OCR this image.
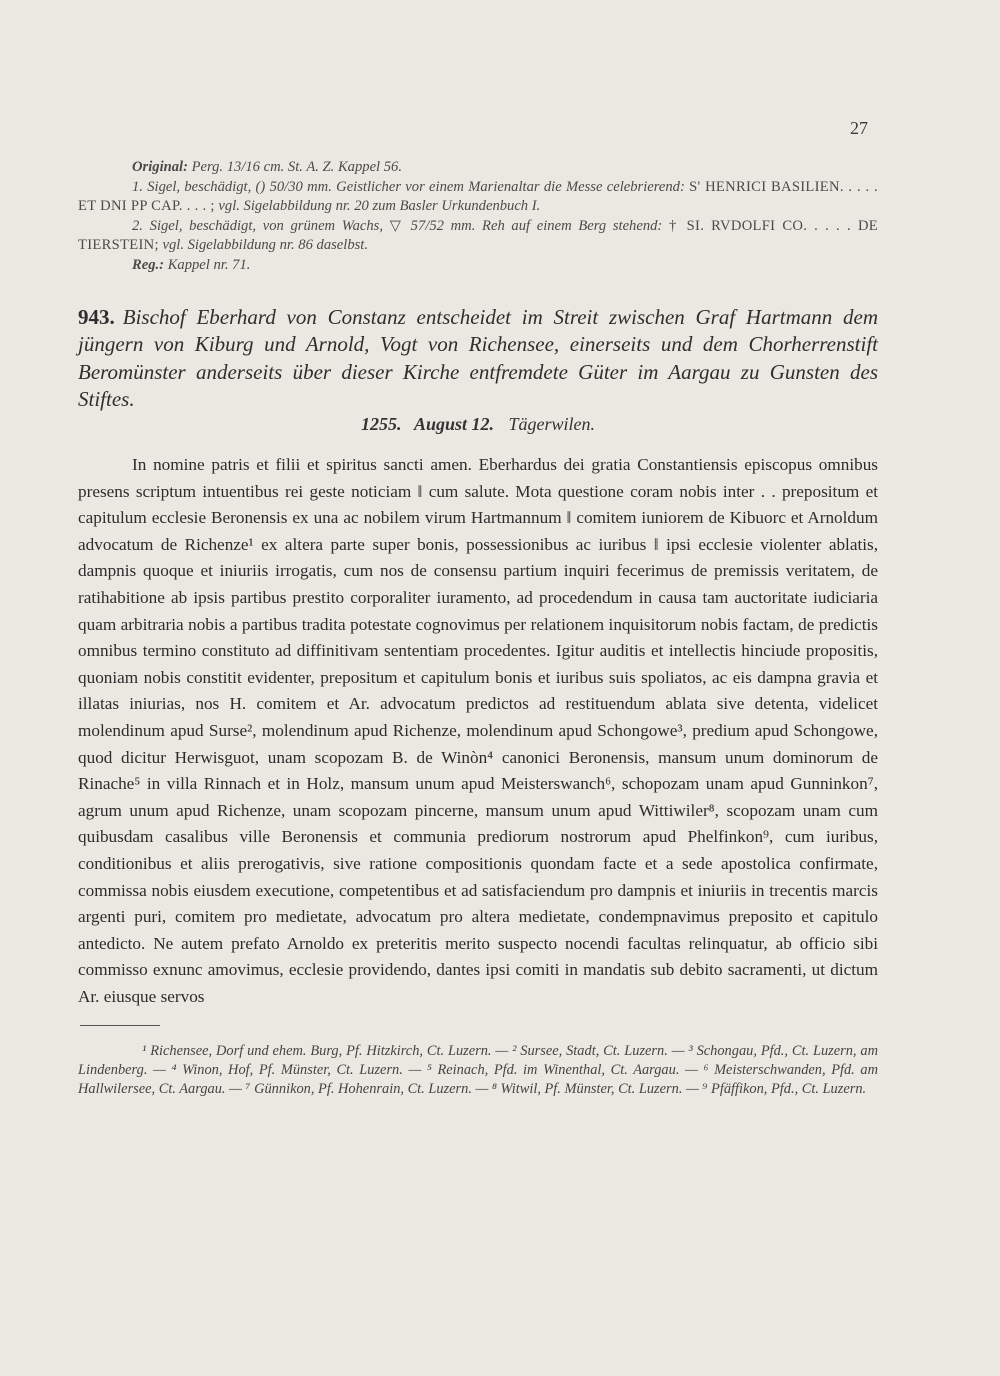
27

Original: Perg. 13/16 cm. St. A. Z. Kappel 56.

1. Sigel, beschädigt, () 50/30 mm. Geistlicher vor einem Marienaltar die Messe celebrierend: S' HENRICI BASILIEN. . . . . ET DNI PP CAP. . . . ; vgl. Sigelabbildung nr. 20 zum Basler Urkundenbuch I.

2. Sigel, beschädigt, von grünem Wachs, ▽ 57/52 mm. Reh auf einem Berg stehend: † SI. RVDOLFI CO. . . . . DE TIERSTEIN; vgl. Sigelabbildung nr. 86 daselbst.

Reg.: Kappel nr. 71.

943. Bischof Eberhard von Constanz entscheidet im Streit zwischen Graf Hartmann dem jüngern von Kiburg und Arnold, Vogt von Richensee, einerseits und dem Chorherrenstift Beromünster anderseits über dieser Kirche entfremdete Güter im Aargau zu Gunsten des Stiftes.
1255. August 12. Tägerwilen.

In nomine patris et filii et spiritus sancti amen. Eberhardus dei gratia Constantiensis episcopus omnibus presens scriptum intuentibus rei geste noticiam ‖ cum salute. Mota questione coram nobis inter . . prepositum et capitulum ecclesie Beronensis ex una ac nobilem virum Hartmannum ‖ comitem iuniorem de Kibuorc et Arnoldum advocatum de Richenze¹ ex altera parte super bonis, possessionibus ac iuribus ‖ ipsi ecclesie violenter ablatis, dampnis quoque et iniuriis irrogatis, cum nos de consensu partium inquiri fecerimus de premissis veritatem, de ratihabitione ab ipsis partibus prestito corporaliter iuramento, ad procedendum in causa tam auctoritate iudiciaria quam arbitraria nobis a partibus tradita potestate cognovimus per relationem inquisitorum nobis factam, de predictis omnibus termino constituto ad diffinitivam sententiam procedentes. Igitur auditis et intellectis hinciude propositis, quoniam nobis constitit evidenter, prepositum et capitulum bonis et iuribus suis spoliatos, ac eis dampna gravia et illatas iniurias, nos H. comitem et Ar. advocatum predictos ad restituendum ablata sive detenta, videlicet molendinum apud Surse², molendinum apud Richenze, molendinum apud Schongowe³, predium apud Schongowe, quod dicitur Herwisguot, unam scopozam B. de Winòn⁴ canonici Beronensis, mansum unum dominorum de Rinache⁵ in villa Rinnach et in Holz, mansum unum apud Meisterswanch⁶, schopozam unam apud Gunninkon⁷, agrum unum apud Richenze, unam scopozam pincerne, mansum unum apud Wittiwiler⁸, scopozam unam cum quibusdam casalibus ville Beronensis et communia prediorum nostrorum apud Phelfinkon⁹, cum iuribus, conditionibus et aliis prerogativis, sive ratione compositionis quondam facte et a sede apostolica confirmate, commissa nobis eiusdem executione, competentibus et ad satisfaciendum pro dampnis et iniuriis in trecentis marcis argenti puri, comitem pro medietate, advocatum pro altera medietate, condempnavimus preposito et capitulo antedicto. Ne autem prefato Arnoldo ex preteritis merito suspecto nocendi facultas relinquatur, ab officio sibi commisso exnunc amovimus, ecclesie providendo, dantes ipsi comiti in mandatis sub debito sacramenti, ut dictum Ar. eiusque servos

¹ Richensee, Dorf und ehem. Burg, Pf. Hitzkirch, Ct. Luzern. — ² Sursee, Stadt, Ct. Luzern. — ³ Schongau, Pfd., Ct. Luzern, am Lindenberg. — ⁴ Winon, Hof, Pf. Münster, Ct. Luzern. — ⁵ Reinach, Pfd. im Winenthal, Ct. Aargau. — ⁶ Meisterschwanden, Pfd. am Hallwilersee, Ct. Aargau. — ⁷ Günnikon, Pf. Hohenrain, Ct. Luzern. — ⁸ Witwil, Pf. Münster, Ct. Luzern. — ⁹ Pfäffikon, Pfd., Ct. Luzern.
